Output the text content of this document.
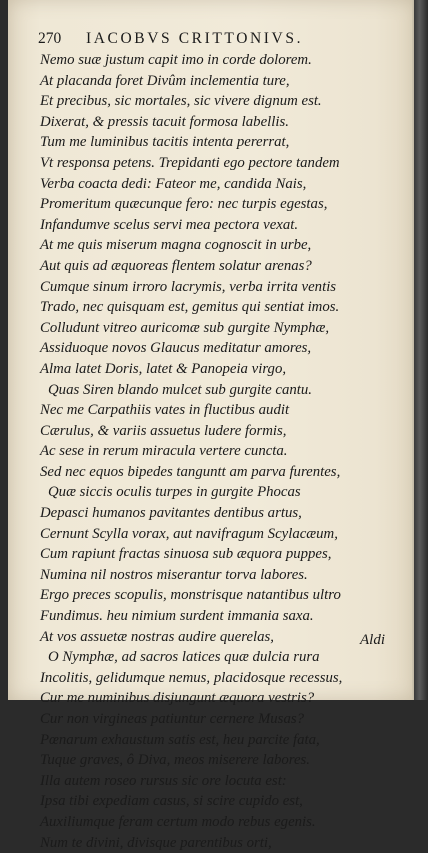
270 IACOBVS CRITTONIVS.
Nemo suæ justum capit imo in corde dolorem.
At placanda foret Divûm inclementia ture,
Et precibus, sic mortales, sic vivere dignum est.
Dixerat, & pressis tacuit formosa labellis.
Tum me luminibus tacitis intenta pererrat,
Vt responsa petens. Trepidanti ego pectore tandem
Verba coacta dedi: Fateor me, candida Nais,
Promeritum quæcunque fero: nec turpis egestas,
Infandumve scelus servi mea pectora vexat.
At me quis miserum magna cognoscit in urbe,
Aut quis ad æquoreas flentem solatur arenas?
Cumque sinum irroro lacrymis, verba irrita ventis
Trado, nec quisquam est, gemitus qui sentiat imos.
Colludunt vitreo auricomæ sub gurgite Nymphæ,
Assiduoque novos Glaucus meditatur amores,
Alma latet Doris, latet & Panopeia virgo,
Quas Siren blando mulcet sub gurgite cantu.
Nec me Carpathiis vates in fluctibus audit
Cærulus, & variis assuetus ludere formis,
Ac sese in rerum miracula vertere cuncta.
Sed nec equos bipedes tanguntt am parva furentes,
Quæ siccis oculis turpes in gurgite Phocas
Depasci humanos pavitantes dentibus artus,
Cernunt Scylla vorax, aut navifragum Scylacæum,
Cum rapiunt fractas sinuosa sub æquora puppes,
Numina nil nostros miserantur torva labores.
Ergo preces scopulis, monstrisque natantibus ultro
Fundimus. heu nimium surdent immania saxa.
At vos assuetæ nostras audire querelas,
O Nymphæ, ad sacros latices quæ dulcia rura
Incolitis, gelidumque nemus, placidosque recessus,
Cur me numinibus disjungunt æquora vestris?
Cur non virgineas patiuntur cernere Musas?
Pœnarum exhaustum satis est, heu parcite fata,
Tuque graves, ô Diva, meos miserere labores.
Illa autem roseo rursus sic ore locuta est:
Ipsa tibi expediam casus, si scire cupido est,
Auxiliumque feram certum modo rebus egenis.
Num te divini, divisque parentibus orti,
Aldi
